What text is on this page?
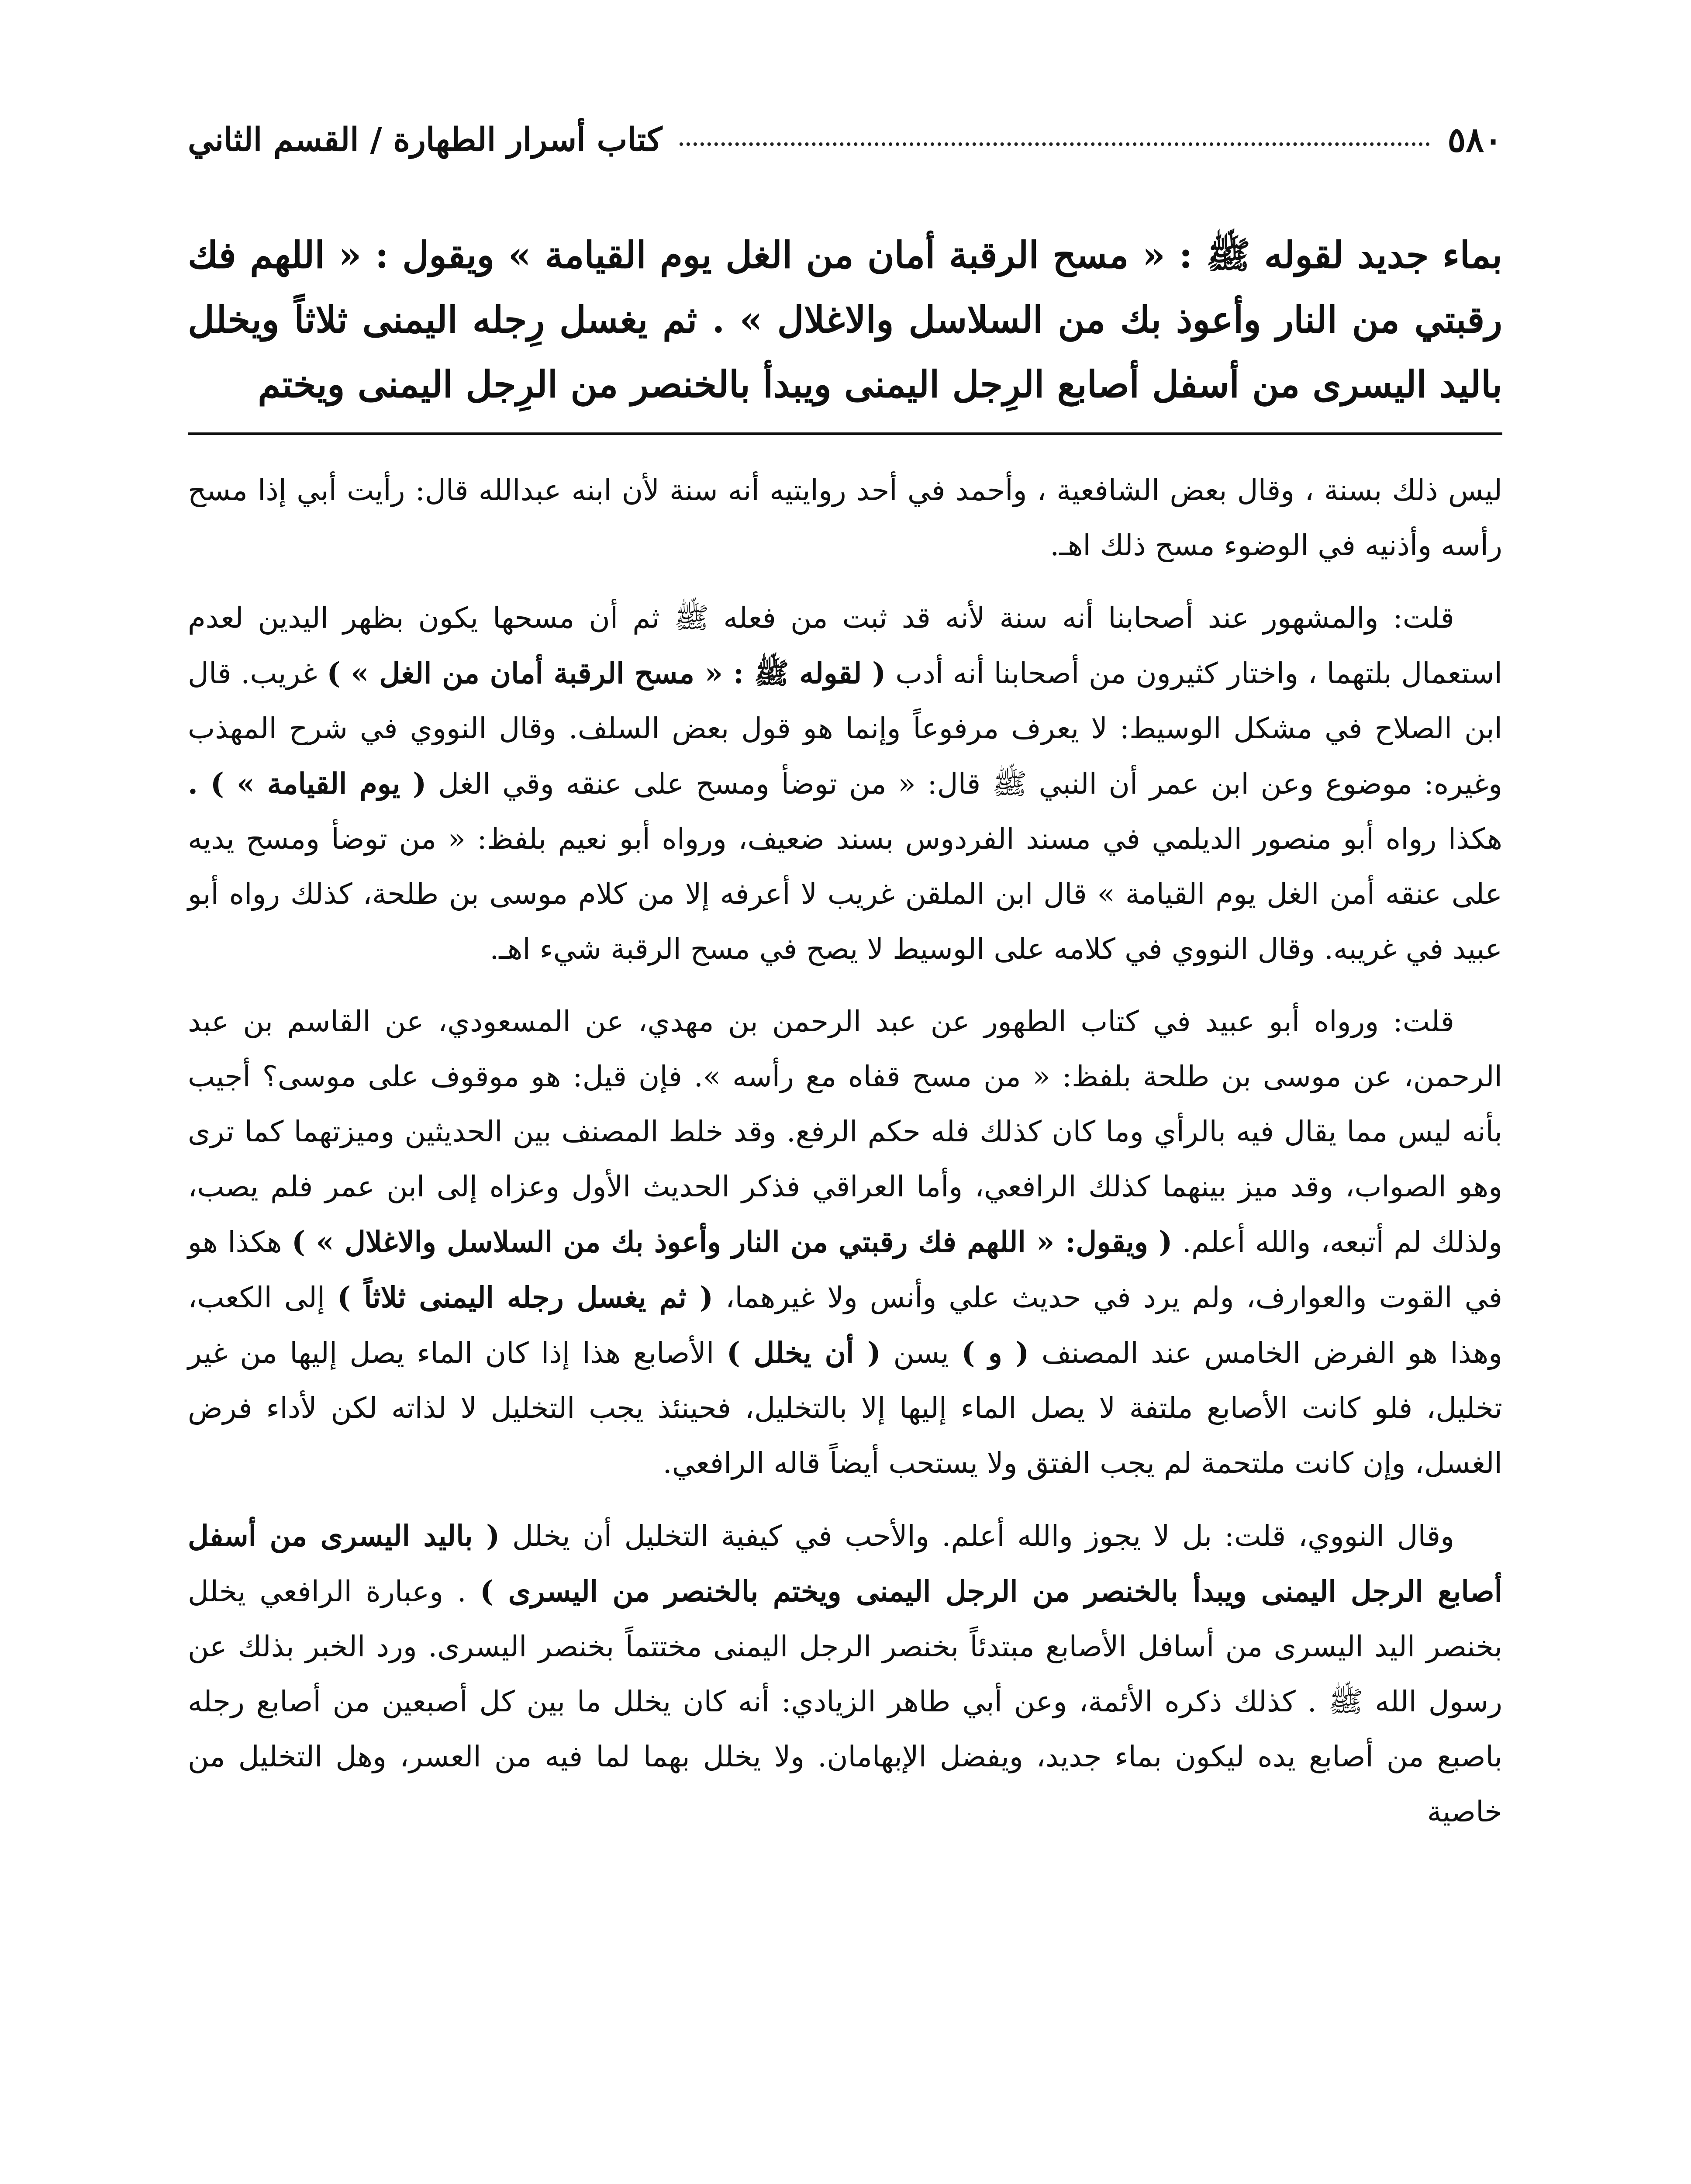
٥٨٠
كتاب أسرار الطهارة / القسم الثاني

بماء جديد لقوله ﷺ : « مسح الرقبة أمان من الغل يوم القيامة » ويقول : « اللهم فك رقبتي من النار وأعوذ بك من السلاسل والاغلال » . ثم يغسل رِجله اليمنى ثلاثاً ويخلل باليد اليسرى من أسفل أصابع الرِجل اليمنى ويبدأ بالخنصر من الرِجل اليمنى ويختم

ليس ذلك بسنة ، وقال بعض الشافعية ، وأحمد في أحد روايتيه أنه سنة لأن ابنه عبدالله قال: رأيت أبي إذا مسح رأسه وأذنيه في الوضوء مسح ذلك اهـ.

قلت: والمشهور عند أصحابنا أنه سنة لأنه قد ثبت من فعله ﷺ ثم أن مسحها يكون بظهر اليدين لعدم استعمال بلتهما ، واختار كثيرون من أصحابنا أنه أدب ( لقوله ﷺ : « مسح الرقبة أمان من الغل » ) غريب. قال ابن الصلاح في مشكل الوسيط: لا يعرف مرفوعاً وإنما هو قول بعض السلف. وقال النووي في شرح المهذب وغيره: موضوع وعن ابن عمر أن النبي ﷺ قال: « من توضأ ومسح على عنقه وقي الغل ( يوم القيامة » ) . هكذا رواه أبو منصور الديلمي في مسند الفردوس بسند ضعيف، ورواه أبو نعيم بلفظ: « من توضأ ومسح يديه على عنقه أمن الغل يوم القيامة » قال ابن الملقن غريب لا أعرفه إلا من كلام موسى بن طلحة، كذلك رواه أبو عبيد في غريبه. وقال النووي في كلامه على الوسيط لا يصح في مسح الرقبة شيء اهـ.

قلت: ورواه أبو عبيد في كتاب الطهور عن عبد الرحمن بن مهدي، عن المسعودي، عن القاسم بن عبد الرحمن، عن موسى بن طلحة بلفظ: « من مسح قفاه مع رأسه ». فإن قيل: هو موقوف على موسى؟ أجيب بأنه ليس مما يقال فيه بالرأي وما كان كذلك فله حكم الرفع. وقد خلط المصنف بين الحديثين وميزتهما كما ترى وهو الصواب، وقد ميز بينهما كذلك الرافعي، وأما العراقي فذكر الحديث الأول وعزاه إلى ابن عمر فلم يصب، ولذلك لم أتبعه، والله أعلم. ( ويقول: « اللهم فك رقبتي من النار وأعوذ بك من السلاسل والاغلال » ) هكذا هو في القوت والعوارف، ولم يرد في حديث علي وأنس ولا غيرهما، ( ثم يغسل رجله اليمنى ثلاثاً ) إلى الكعب، وهذا هو الفرض الخامس عند المصنف ( و ) يسن ( أن يخلل ) الأصابع هذا إذا كان الماء يصل إليها من غير تخليل، فلو كانت الأصابع ملتفة لا يصل الماء إليها إلا بالتخليل، فحينئذ يجب التخليل لا لذاته لكن لأداء فرض الغسل، وإن كانت ملتحمة لم يجب الفتق ولا يستحب أيضاً قاله الرافعي.

وقال النووي، قلت: بل لا يجوز والله أعلم. والأحب في كيفية التخليل أن يخلل ( باليد اليسرى من أسفل أصابع الرجل اليمنى ويبدأ بالخنصر من الرجل اليمنى ويختم بالخنصر من اليسرى ) . وعبارة الرافعي يخلل بخنصر اليد اليسرى من أسافل الأصابع مبتدئاً بخنصر الرجل اليمنى مختتماً بخنصر اليسرى. ورد الخبر بذلك عن رسول الله ﷺ . كذلك ذكره الأئمة، وعن أبي طاهر الزيادي: أنه كان يخلل ما بين كل أصبعين من أصابع رجله باصبع من أصابع يده ليكون بماء جديد، ويفضل الإبهامان. ولا يخلل بهما لما فيه من العسر، وهل التخليل من خاصية
